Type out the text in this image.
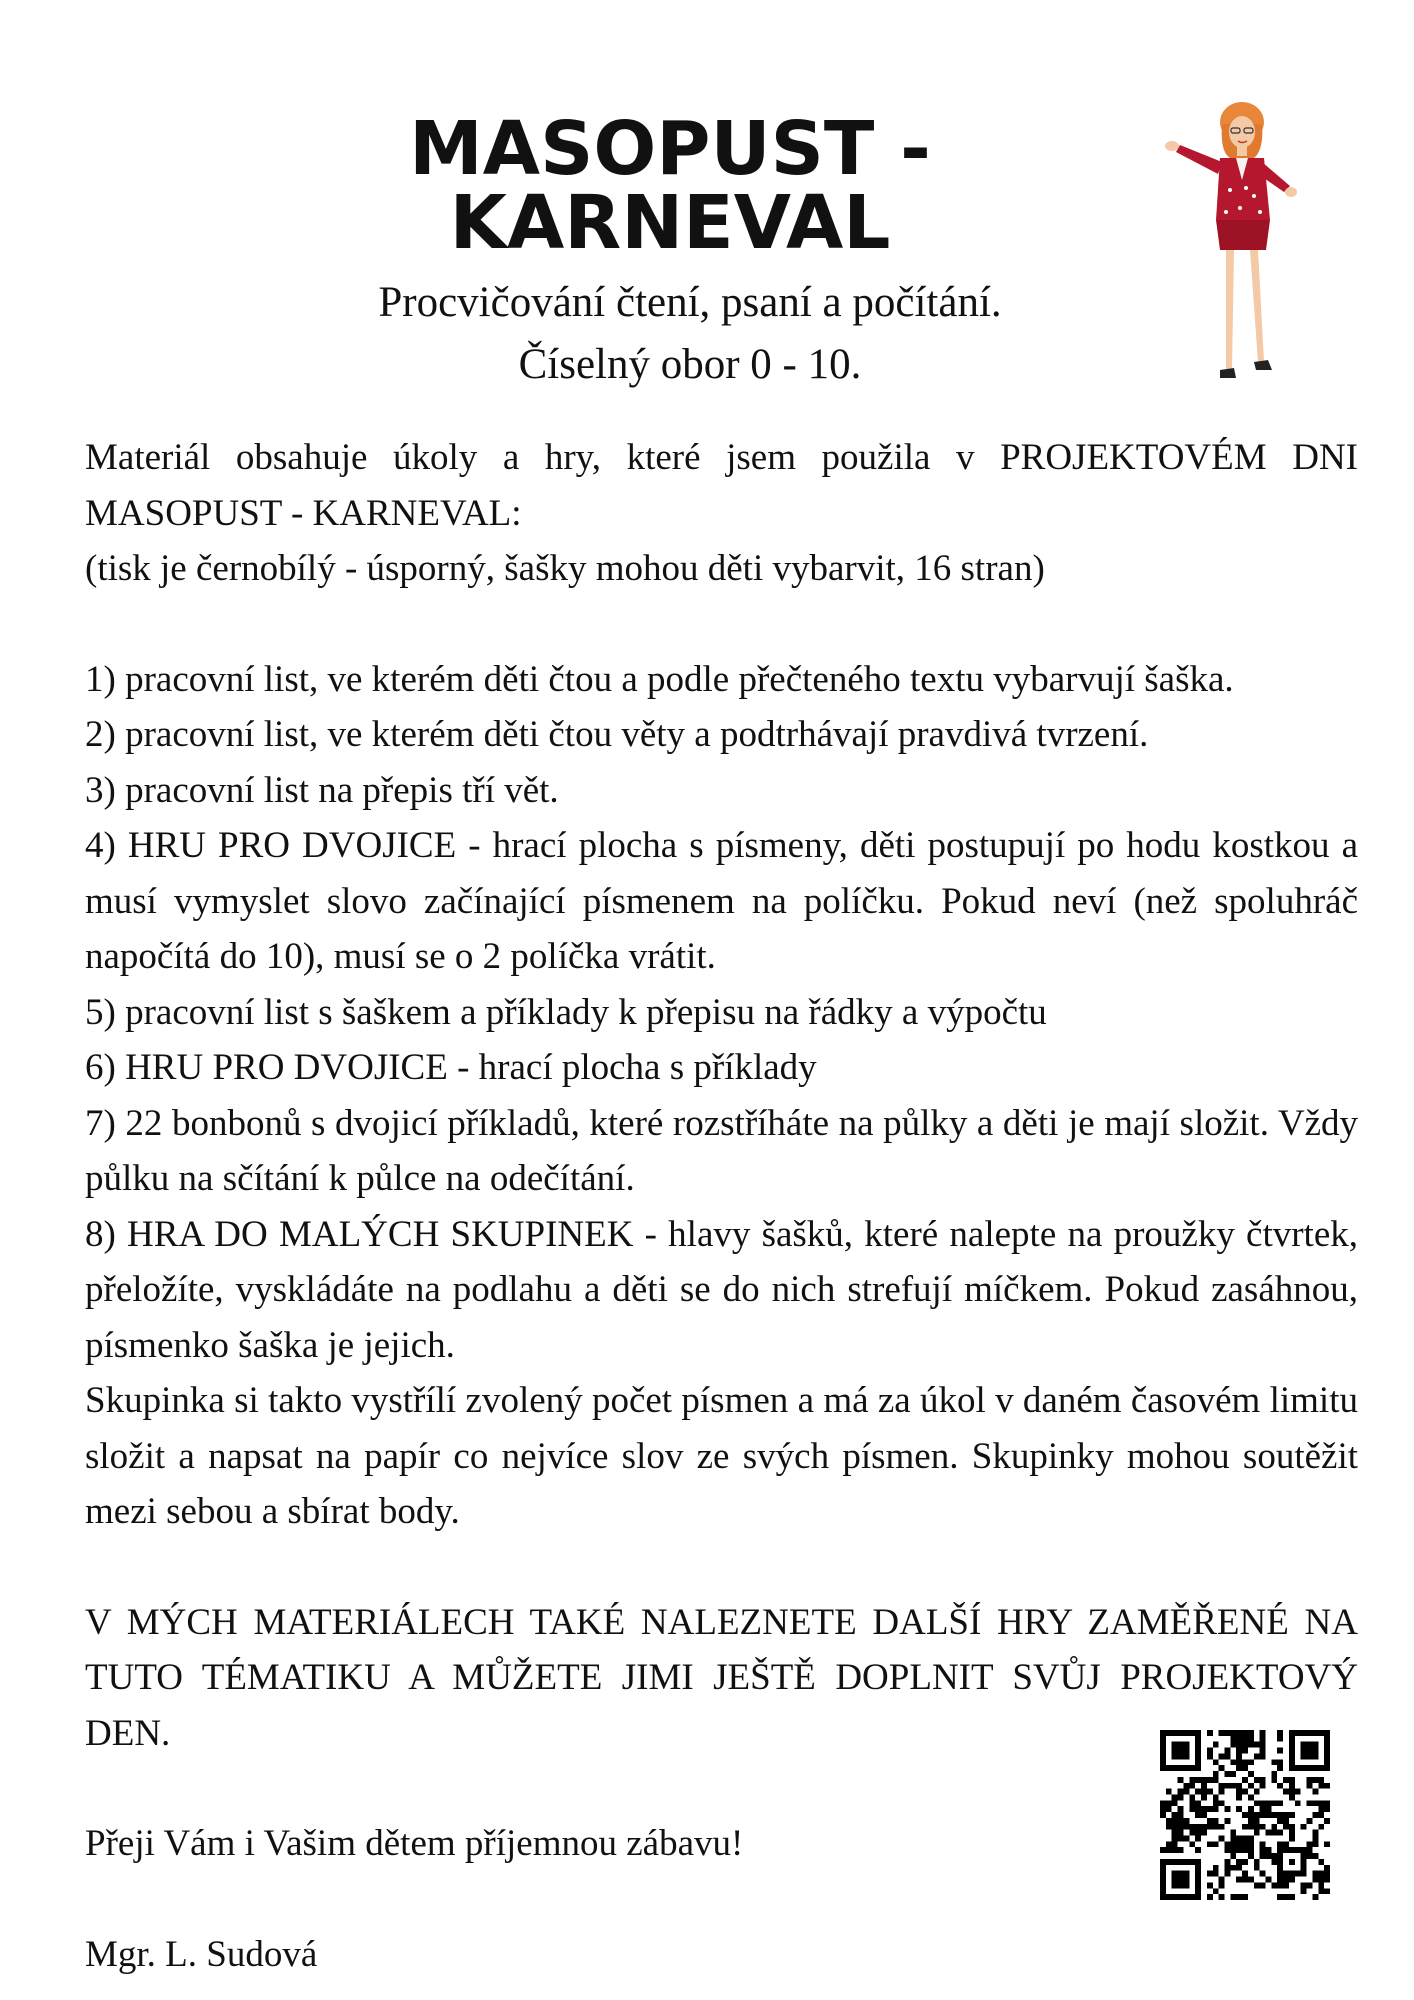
MASOPUST - KARNEVAL
Procvičování čtení, psaní a počítání.
Číselný obor 0 - 10.

Materiál obsahuje úkoly a hry, které jsem použila v PROJEKTOVÉM DNI MASOPUST - KARNEVAL:

(tisk je černobílý - úsporný, šašky mohou děti vybarvit, 16 stran)

1) pracovní list, ve kterém děti čtou a podle přečteného textu vybarvují šaška.

2) pracovní list, ve kterém děti čtou věty a podtrhávají pravdivá tvrzení.

3) pracovní list na přepis tří vět.

4) HRU PRO DVOJICE - hrací plocha s písmeny, děti postupují po hodu kostkou a musí vymyslet slovo začínající písmenem na políčku. Pokud neví (než spoluhráč napočítá do 10), musí se o 2 políčka vrátit.

5) pracovní list s šaškem a příklady k přepisu na řádky a výpočtu

6) HRU PRO DVOJICE - hrací plocha s příklady

7) 22 bonbonů s dvojicí příkladů, které rozstříháte na půlky a děti je mají složit. Vždy půlku na sčítání k půlce na odečítání.

8) HRA DO MALÝCH SKUPINEK - hlavy šašků, které nalepte na proužky čtvrtek, přeložíte, vyskládáte na podlahu a děti se do nich strefují míčkem. Pokud zasáhnou, písmenko šaška je jejich.

Skupinka si takto vystřílí zvolený počet písmen a má za úkol v daném časovém limitu složit a napsat na papír co nejvíce slov ze svých písmen. Skupinky mohou soutěžit mezi sebou a sbírat body.

V MÝCH MATERIÁLECH TAKÉ NALEZNETE DALŠÍ HRY ZAMĚŘENÉ NA TUTO TÉMATIKU A MŮŽETE JIMI JEŠTĚ DOPLNIT SVŮJ PROJEKTOVÝ DEN.

Přeji Vám i Vašim dětem příjemnou zábavu!

Mgr. L. Sudová
